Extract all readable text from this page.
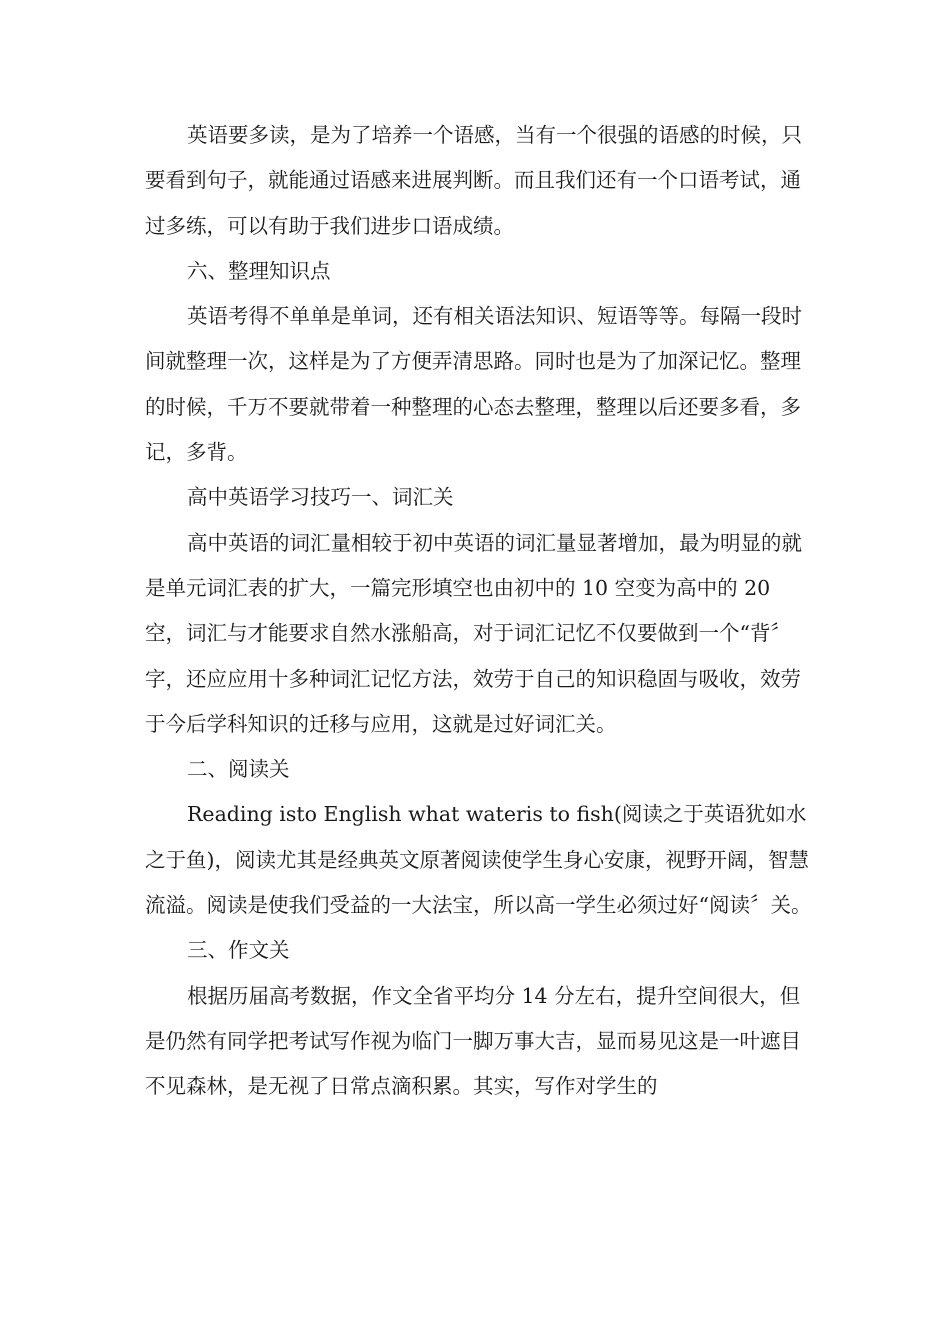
英语要多读，是为了培养一个语感，当有一个很强的语感的时候，只要看到句子，就能通过语感来进展判断。而且我们还有一个口语考试，通过多练，可以有助于我们进步口语成绩。

六、整理知识点

英语考得不单单是单词，还有相关语法知识、短语等等。每隔一段时间就整理一次，这样是为了方便弄清思路。同时也是为了加深记忆。整理的时候，千万不要就带着一种整理的心态去整理，整理以后还要多看，多记，多背。

高中英语学习技巧一、词汇关

高中英语的词汇量相较于初中英语的词汇量显著增加，最为明显的就是单元词汇表的扩大，一篇完形填空也由初中的 10 空变为高中的 20 空，词汇与才能要求自然水涨船高，对于词汇记忆不仅要做到一个“背〞字，还应应用十多种词汇记忆方法，效劳于自己的知识稳固与吸收，效劳于今后学科知识的迁移与应用，这就是过好词汇关。

二、阅读关

Reading isto English what wateris to fish(阅读之于英语犹如水之于鱼)，阅读尤其是经典英文原著阅读使学生身心安康，视野开阔，智慧流溢。阅读是使我们受益的一大法宝，所以高一学生必须过好“阅读〞关。

三、作文关

根据历届高考数据，作文全省平均分 14 分左右，提升空间很大，但是仍然有同学把考试写作视为临门一脚万事大吉，显而易见这是一叶遮目不见森林，是无视了日常点滴积累。其实，写作对学生的
